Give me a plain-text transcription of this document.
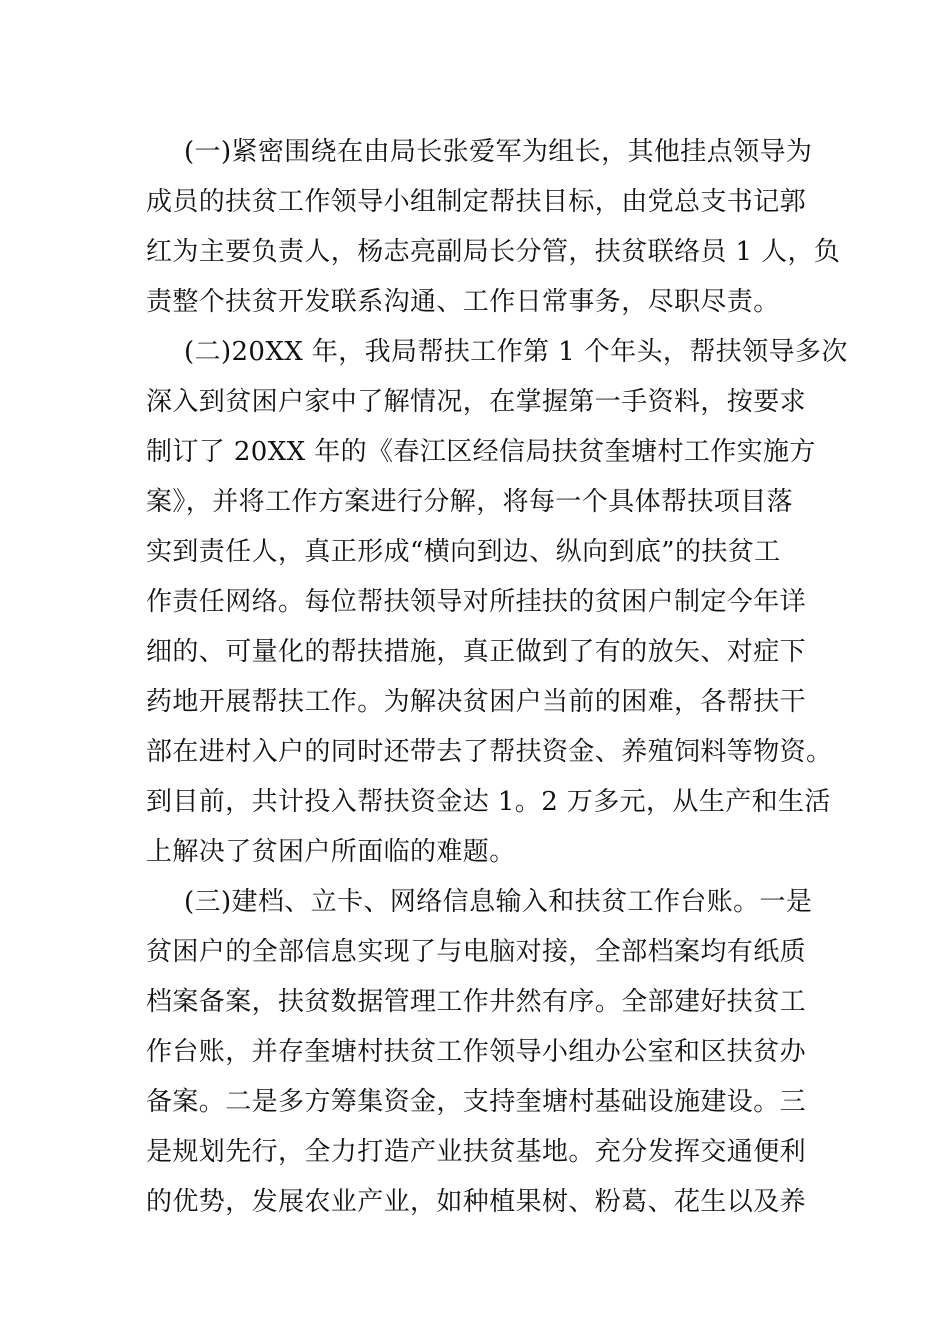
(一)紧密围绕在由局长张爱军为组长，其他挂点领导为
成员的扶贫工作领导小组制定帮扶目标，由党总支书记郭
红为主要负责人，杨志亮副局长分管，扶贫联络员 1 人，负
责整个扶贫开发联系沟通、工作日常事务，尽职尽责。
(二)20XX 年，我局帮扶工作第 1 个年头，帮扶领导多次
深入到贫困户家中了解情况，在掌握第一手资料，按要求
制订了 20XX 年的《春江区经信局扶贫奎塘村工作实施方
案》，并将工作方案进行分解，将每一个具体帮扶项目落
实到责任人，真正形成“横向到边、纵向到底”的扶贫工
作责任网络。每位帮扶领导对所挂扶的贫困户制定今年详
细的、可量化的帮扶措施，真正做到了有的放矢、对症下
药地开展帮扶工作。为解决贫困户当前的困难，各帮扶干
部在进村入户的同时还带去了帮扶资金、养殖饲料等物资。
到目前，共计投入帮扶资金达 1。2 万多元，从生产和生活
上解决了贫困户所面临的难题。
(三)建档、立卡、网络信息输入和扶贫工作台账。一是
贫困户的全部信息实现了与电脑对接，全部档案均有纸质
档案备案，扶贫数据管理工作井然有序。全部建好扶贫工
作台账，并存奎塘村扶贫工作领导小组办公室和区扶贫办
备案。二是多方筹集资金，支持奎塘村基础设施建设。三
是规划先行，全力打造产业扶贫基地。充分发挥交通便利
的优势，发展农业产业，如种植果树、粉葛、花生以及养
